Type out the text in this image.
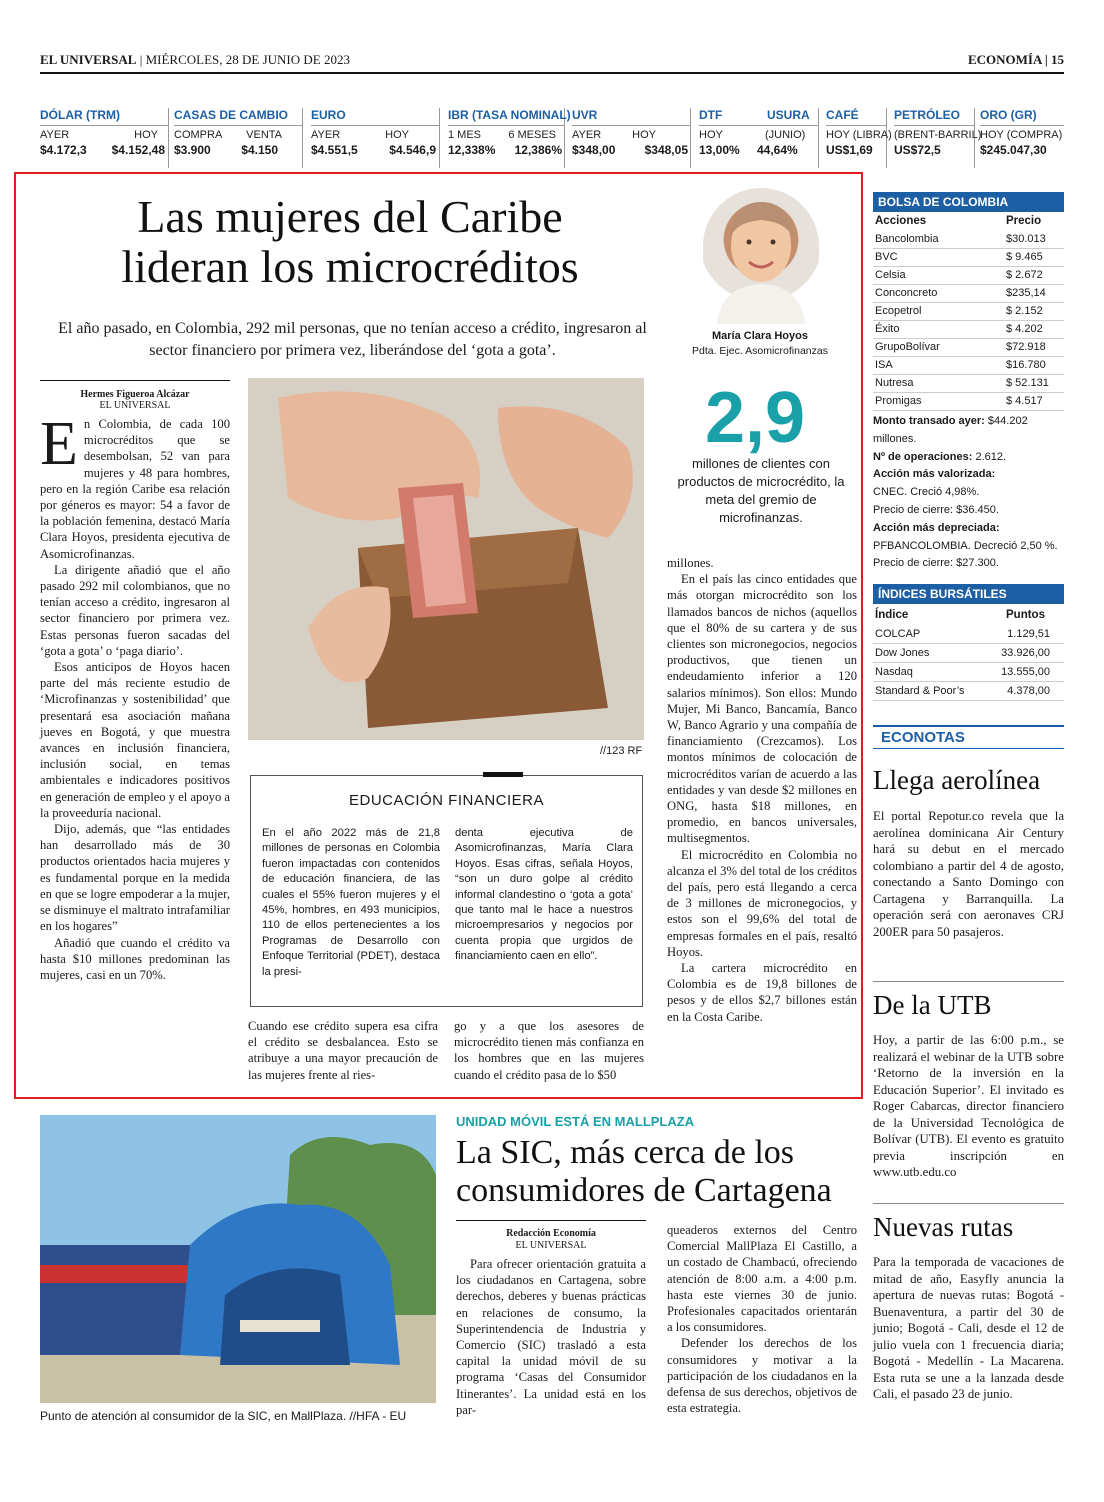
EL UNIVERSAL | MIÉRCOLES, 28 DE JUNIO DE 2023	ECONOMÍA | 15
DÓLAR (TRM)
AYER	HOY
$4.172,3 $4.152,48
CASAS DE CAMBIO
COMPRA VENTA
$3.900	$4.150
EURO
AYER	HOY
$4.551,5	$4.546,9
IBR (TASA NOMINAL)
1 MES 6 MESES
12,338% 12,386%
UVR
AYER	HOY
$348,00 $348,05
DTF
HOY
13,00%
USURA
(JUNIO)
44,64%
CAFÉ
HOY (LIBRA)
US$1,69
PETRÓLEO
(BRENT-BARRIL)
US$72,5
ORO (GR)
HOY (COMPRA)
$245.047,30
Las mujeres del Caribe
lideran los microcréditos
El año pasado, en Colombia, 292 mil personas, que no tenían acceso a crédito, ingresaron al sector financiero por primera vez, liberándose del ‘gota a gota’.
María Clara Hoyos
Pdta. Ejec. Asomicrofinanzas
2,9
millones de clientes con productos de microcrédito, la meta del gremio de microfinanzas.
Hermes Figueroa Alcázar
EL UNIVERSAL

En Colombia, de cada 100 microcréditos que se desembolsan, 52 van para mujeres y 48 para hombres, pero en la región Caribe esa relación por géneros es mayor: 54 a favor de la población femenina, destacó María Clara Hoyos, presidenta ejecutiva de Asomicrofinanzas.

La dirigente añadió que el año pasado 292 mil colombianos, que no tenían acceso a crédito, ingresaron al sector financiero por primera vez. Estas personas fueron sacadas del ‘gota a gota’ o ‘paga diario’.

Esos anticipos de Hoyos hacen parte del más reciente estudio de ‘Microfinanzas y sostenibilidad’ que presentará esa asociación mañana jueves en Bogotá, y que muestra avances en inclusión financiera, inclusión social, en temas ambientales e indicadores positivos en generación de empleo y el apoyo a la proveeduría nacional.

Dijo, además, que “las entidades han desarrollado más de 30 productos orientados hacia mujeres y es fundamental porque en la medida en que se logre empoderar a la mujer, se disminuye el maltrato intrafamiliar en los hogares”

Añadió que cuando el crédito va hasta $10 millones predominan las mujeres, casi en un 70%.

//123 RF
EDUCACIÓN FINANCIERA
En el año 2022 más de 21,8 millones de personas en Colombia fueron impactadas con contenidos de educación financiera, de las cuales el 55% fueron mujeres y el 45%, hombres, en 493 municipios, 110 de ellos pertenecientes a los Programas de Desarrollo con Enfoque Territorial (PDET), destaca la presi-
denta ejecutiva de Asomicrofinanzas, María Clara Hoyos. Esas cifras, señala Hoyos, “son un duro golpe al crédito informal clandestino o ‘gota a gota’ que tanto mal le hace a nuestros microempresarios y negocios por cuenta propia que urgidos de financiamiento caen en ello”.

Cuando ese crédito supera esa cifra el crédito se desbalancea. Esto se atribuye a una mayor precaución de las mujeres frente al ries-

go y a que los asesores de microcrédito tienen más confianza en los hombres que en las mujeres cuando el crédito pasa de lo $50

millones.

En el país las cinco entidades que más otorgan microcrédito son los llamados bancos de nichos (aquellos que el 80% de su cartera y de sus clientes son micronegocios, negocios productivos, que tienen un endeudamiento inferior a 120 salarios mínimos). Son ellos: Mundo Mujer, Mi Banco, Bancamía, Banco W, Banco Agrario y una compañía de financiamiento (Crezcamos). Los montos mínimos de colocación de microcréditos varían de acuerdo a las entidades y van desde $2 millones en ONG, hasta $18 millones, en promedio, en bancos universales, multisegmentos.

El microcrédito en Colombia no alcanza el 3% del total de los créditos del país, pero está llegando a cerca de 3 millones de micronegocios, y estos son el 99,6% del total de empresas formales en el país, resaltó Hoyos.

La cartera microcrédito en Colombia es de 19,8 billones de pesos y de ellos $2,7 billones están en la Costa Caribe.

BOLSA DE COLOMBIA
Acciones	Precio
Bancolombia	$30.013
BVC	$ 9.465
Celsia	$ 2.672
Conconcreto	$235,14
Ecopetrol	$ 2.152
Éxito	$ 4.202
GrupoBolívar	$72.918
ISA	$16.780
Nutresa	$ 52.131
Promigas	$ 4.517
Monto transado ayer: $44.202 millones.
Nº de operaciones: 2.612.
Acción más valorizada:
CNEC. Creció 4,98%.
Precio de cierre: $36.450.
Acción más depreciada:
PFBANCOLOMBIA. Decreció 2,50 %.
Precio de cierre: $27.300.
ÍNDICES BURSÁTILES
Índice	Puntos
COLCAP	1.129,51
Dow Jones	33.926,00
Nasdaq	13.555,00
Standard & Poor’s	4.378,00
ECONOTAS
Llega aerolínea
El portal Repotur.co revela que la aerolínea dominicana Air Century hará su debut en el mercado colombiano a partir del 4 de agosto, conectando a Santo Domingo con Cartagena y Barranquilla. La operación será con aeronaves CRJ 200ER para 50 pasajeros.
De la UTB
Hoy, a partir de las 6:00 p.m., se realizará el webinar de la UTB sobre ‘Retorno de la inversión en la Educación Superior’. El invitado es Roger Cabarcas, director financiero de la Universidad Tecnológica de Bolívar (UTB). El evento es gratuito previa inscripción en www.utb.edu.co
Nuevas rutas
Para la temporada de vacaciones de mitad de año, Easyfly anuncia la apertura de nuevas rutas: Bogotá - Buenaventura, a partir del 30 de junio; Bogotá - Cali, desde el 12 de julio vuela con 1 frecuencia diaria; Bogotá - Medellín - La Macarena. Esta ruta se une a la lanzada desde Cali, el pasado 23 de junio.
Punto de atención al consumidor de la SIC, en MallPlaza. //HFA - EU
UNIDAD MÓVIL ESTÁ EN MALLPLAZA
La SIC, más cerca de los consumidores de Cartagena
Redacción Economía
EL UNIVERSAL

Para ofrecer orientación gratuita a los ciudadanos en Cartagena, sobre derechos, deberes y buenas prácticas en relaciones de consumo, la Superintendencia de Industria y Comercio (SIC) trasladó a esta capital la unidad móvil de su programa ‘Casas del Consumidor Itinerantes’. La unidad está en los par-

queaderos externos del Centro Comercial MallPlaza El Castillo, a un costado de Chambacú, ofreciendo atención de 8:00 a.m. a 4:00 p.m. hasta este viernes 30 de junio. Profesionales capacitados orientarán a los consumidores.

Defender los derechos de los consumidores y motivar a la participación de los ciudadanos en la defensa de sus derechos, objetivos de esta estrategia.
